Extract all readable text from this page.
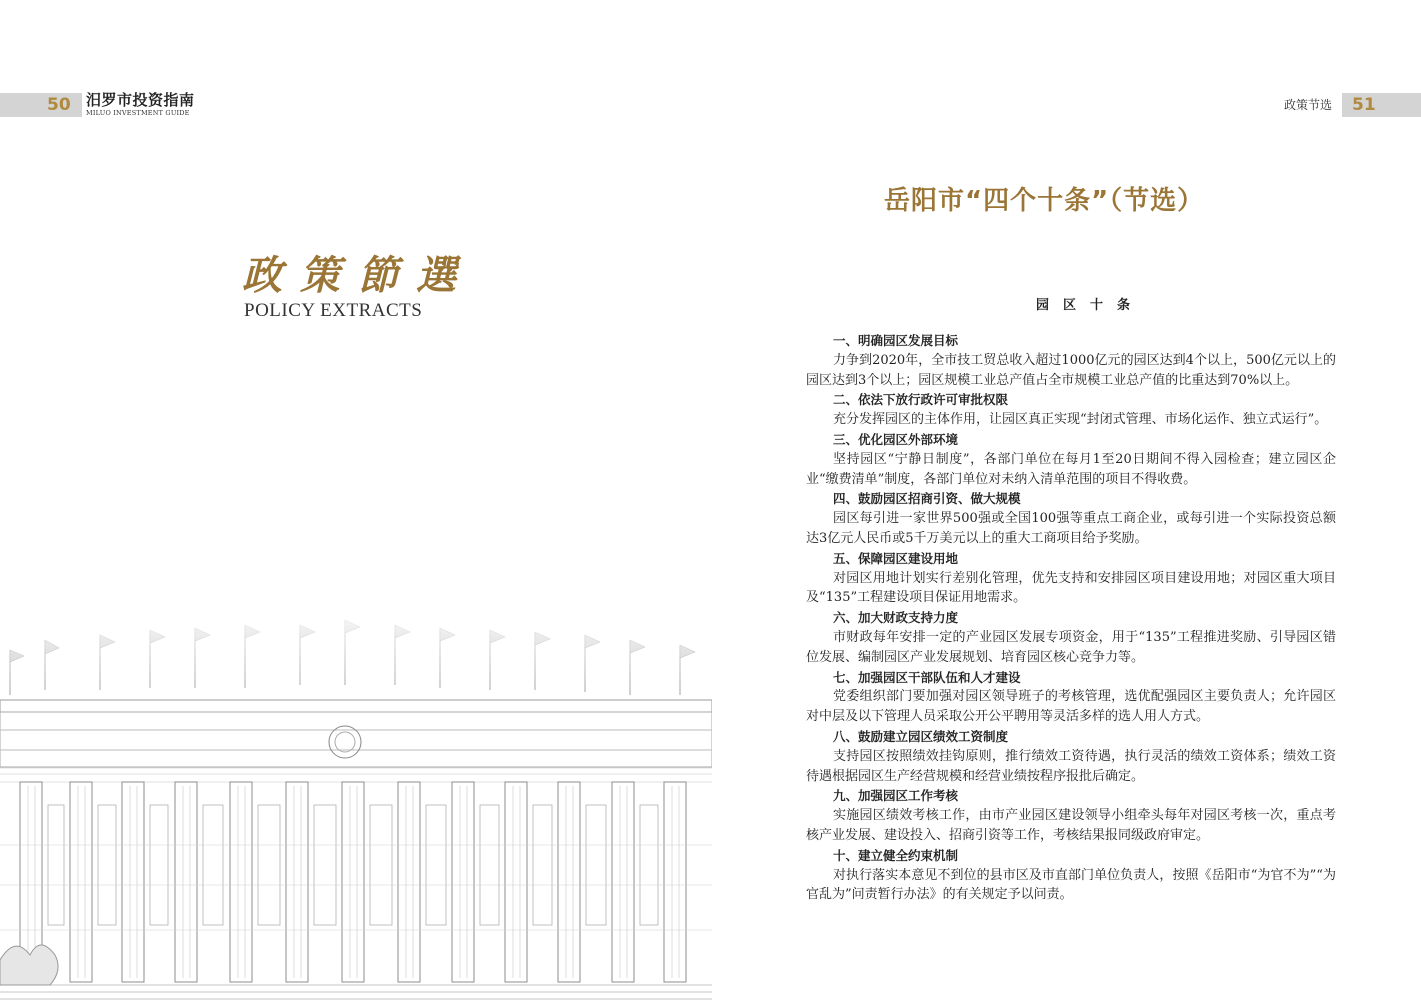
50 汨罗市投资指南
MILUO INVESTMENT GUIDE
政策节选 51
政策節選
POLICY EXTRACTS
岳阳市“四个十条”（节选）
园区十条

一、明确园区发展目标

力争到2020年，全市技工贸总收入超过1000亿元的园区达到4个以上，500亿元以上的园区达到3个以上；园区规模工业总产值占全市规模工业总产值的比重达到70%以上。

二、依法下放行政许可审批权限

充分发挥园区的主体作用，让园区真正实现“封闭式管理、市场化运作、独立式运行”。

三、优化园区外部环境

坚持园区“宁静日制度”，各部门单位在每月1至20日期间不得入园检查；建立园区企业“缴费清单”制度，各部门单位对未纳入清单范围的项目不得收费。

四、鼓励园区招商引资、做大规模

园区每引进一家世界500强或全国100强等重点工商企业，或每引进一个实际投资总额达3亿元人民币或5千万美元以上的重大工商项目给予奖励。

五、保障园区建设用地

对园区用地计划实行差别化管理，优先支持和安排园区项目建设用地；对园区重大项目及“135”工程建设项目保证用地需求。

六、加大财政支持力度

市财政每年安排一定的产业园区发展专项资金，用于“135”工程推进奖励、引导园区错位发展、编制园区产业发展规划、培育园区核心竞争力等。

七、加强园区干部队伍和人才建设

党委组织部门要加强对园区领导班子的考核管理，选优配强园区主要负责人；允许园区对中层及以下管理人员采取公开公平聘用等灵活多样的选人用人方式。

八、鼓励建立园区绩效工资制度

支持园区按照绩效挂钩原则，推行绩效工资待遇，执行灵活的绩效工资体系；绩效工资待遇根据园区生产经营规模和经营业绩按程序报批后确定。

九、加强园区工作考核

实施园区绩效考核工作，由市产业园区建设领导小组牵头每年对园区考核一次，重点考核产业发展、建设投入、招商引资等工作，考核结果报同级政府审定。

十、建立健全约束机制

对执行落实本意见不到位的县市区及市直部门单位负责人，按照《岳阳市“为官不为”“为官乱为”问责暂行办法》的有关规定予以问责。
